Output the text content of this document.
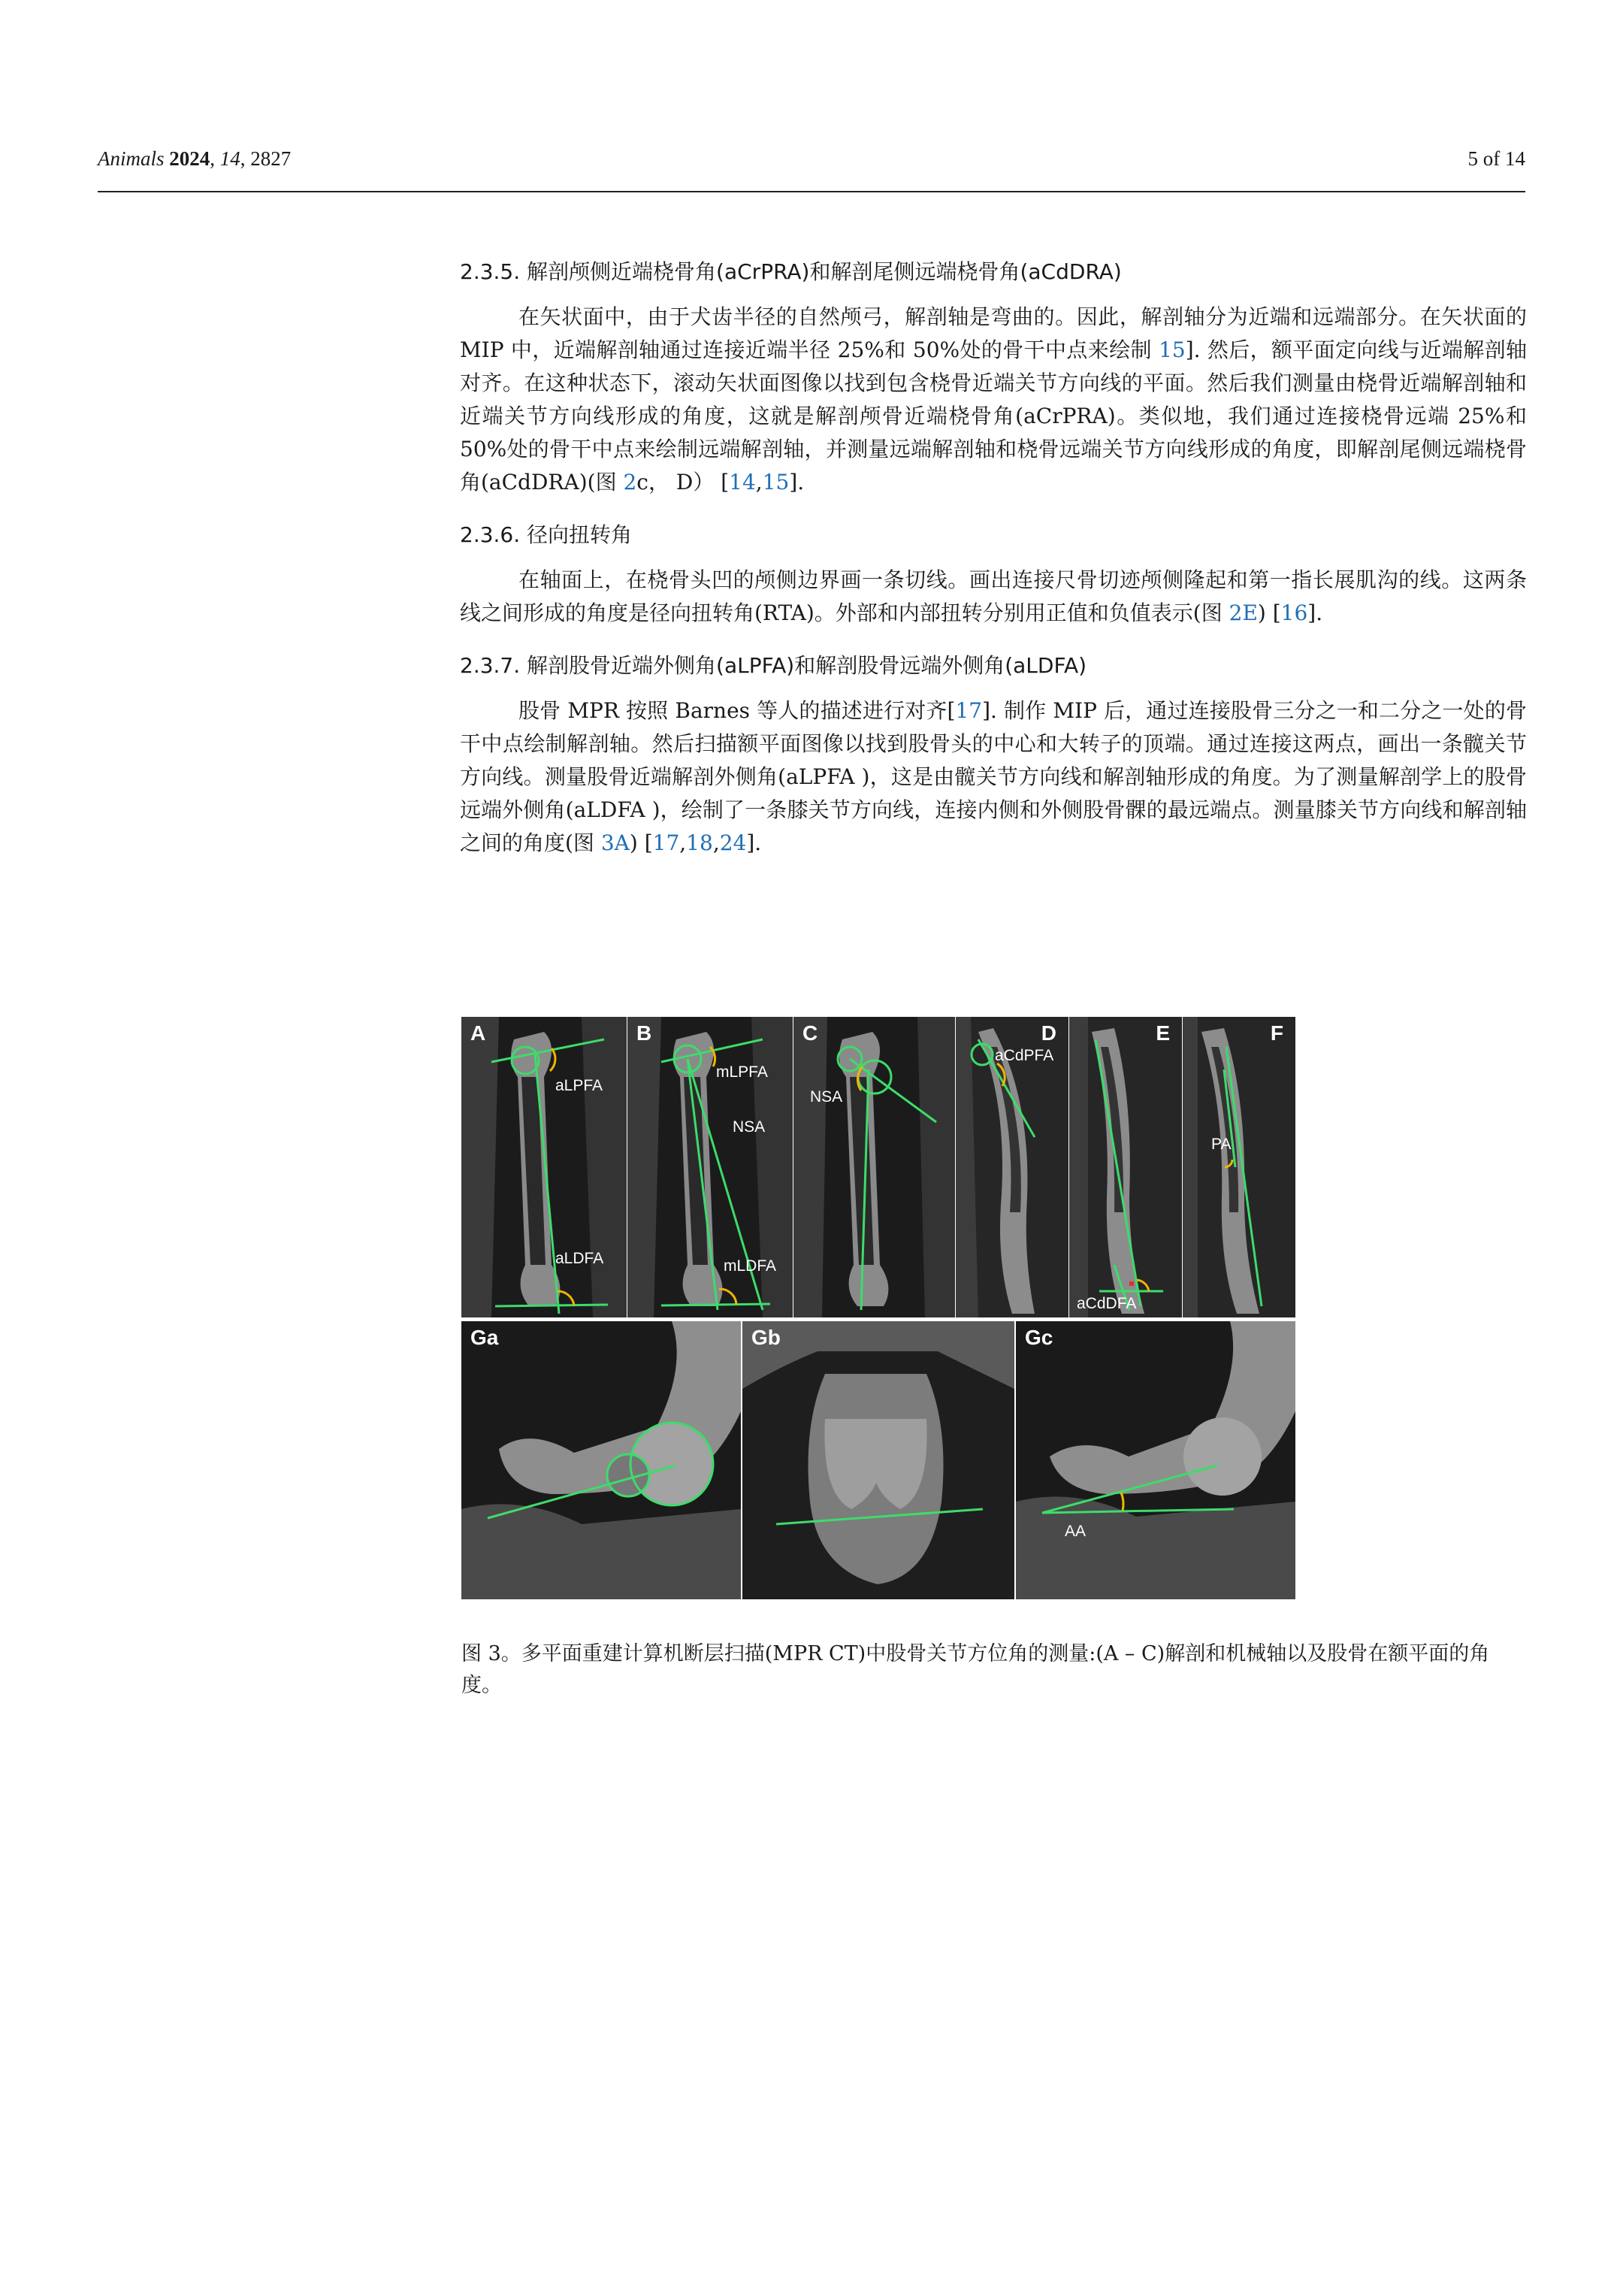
Animals 2024, 14, 2827	5 of 14
2.3.5. 解剖颅侧近端桡骨角(aCrPRA)和解剖尾侧远端桡骨角(aCdDRA)

在矢状面中，由于犬齿半径的自然颅弓，解剖轴是弯曲的。因此，解剖轴分为近端和远端部分。在矢状面的 MIP 中，近端解剖轴通过连接近端半径 25%和 50%处的骨干中点来绘制 15]. 然后，额平面定向线与近端解剖轴对齐。在这种状态下，滚动矢状面图像以找到包含桡骨近端关节方向线的平面。然后我们测量由桡骨近端解剖轴和近端关节方向线形成的角度，这就是解剖颅骨近端桡骨角(aCrPRA)。类似地，我们通过连接桡骨远端 25%和 50%处的骨干中点来绘制远端解剖轴，并测量远端解剖轴和桡骨远端关节方向线形成的角度，即解剖尾侧远端桡骨角(aCdDRA)(图 2c， D） [14,15].

2.3.6. 径向扭转角

在轴面上，在桡骨头凹的颅侧边界画一条切线。画出连接尺骨切迹颅侧隆起和第一指长展肌沟的线。这两条线之间形成的角度是径向扭转角(RTA)。外部和内部扭转分别用正值和负值表示(图 2E) [16].

2.3.7. 解剖股骨近端外侧角(aLPFA)和解剖股骨远端外侧角(aLDFA)

股骨 MPR 按照 Barnes 等人的描述进行对齐[17]. 制作 MIP 后，通过连接股骨三分之一和二分之一处的骨干中点绘制解剖轴。然后扫描额平面图像以找到股骨头的中心和大转子的顶端。通过连接这两点，画出一条髋关节方向线。测量股骨近端解剖外侧角(aLPFA )，这是由髋关节方向线和解剖轴形成的角度。为了测量解剖学上的股骨远端外侧角(aLDFA )，绘制了一条膝关节方向线，连接内侧和外侧股骨髁的最远端点。测量膝关节方向线和解剖轴之间的角度(图 3A) [17,18,24].

A
aLPFA
aLDFA
B
mLPFA
NSA
mLDFA
C
NSA
D
aCdPFA
E
aCdDFA
F
PA
Ga	Gb	Gc
AA
图 3。多平面重建计算机断层扫描(MPR CT)中股骨关节方位角的测量:(A – C)解剖和机械轴以及股骨在额平面的角度。
